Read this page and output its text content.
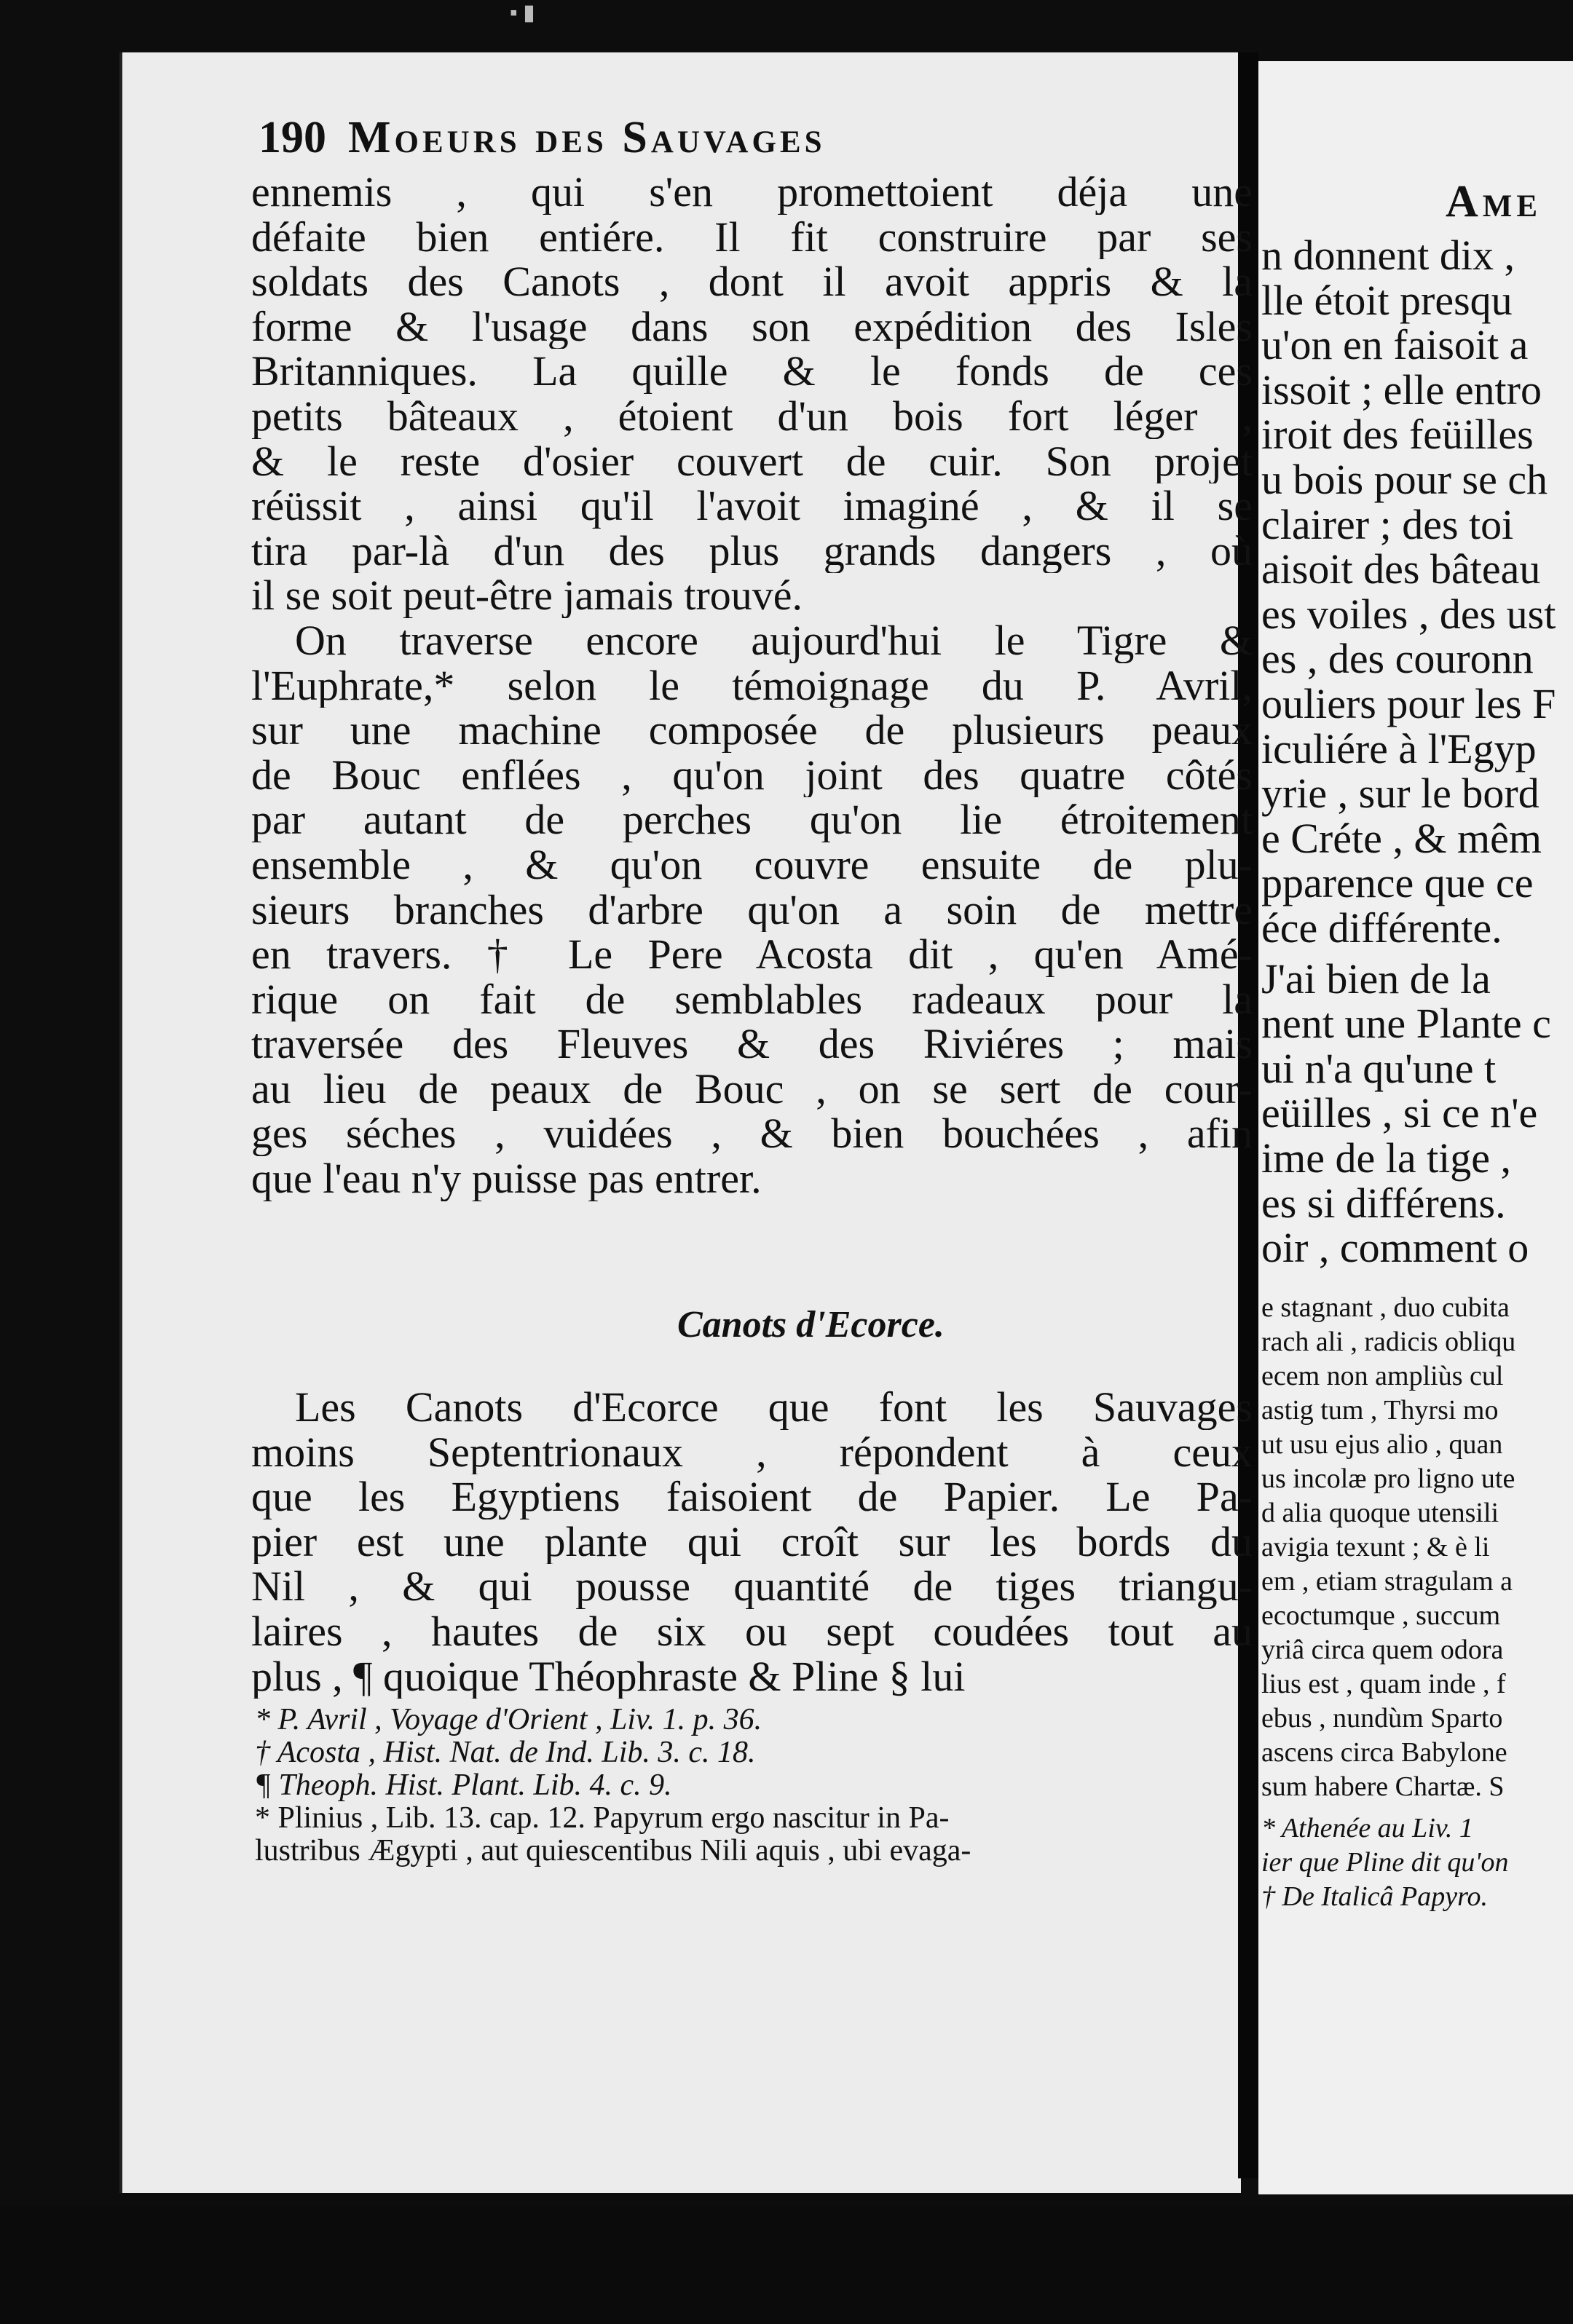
▪ ▮
Ame
n donnent dix ,
lle étoit presqu
u'on en faisoit a
issoit ; elle entro
iroit des feüilles
u bois pour se ch
clairer ; des toi
aisoit des bâteau
es voiles , des ust
es , des couronn
ouliers pour les F
iculiére à l'Egyp
yrie , sur le bord
e Créte , & mêm
pparence que ce
éce différente.
J'ai bien de la
nent une Plante c
ui n'a qu'une t
eüilles , si ce n'e
ime de la tige ,
es si différens.
oir , comment o
e stagnant , duo cubita
rach ali , radicis obliqu
ecem non ampliùs cul
astig tum , Thyrsi mo
ut usu ejus alio , quan
us incolæ pro ligno ute
d alia quoque utensili
avigia texunt ; & è li
em , etiam stragulam a
ecoctumque , succum
yriâ circa quem odora
lius est , quam inde , f
ebus , nundùm Sparto
ascens circa Babylone
sum habere Chartæ. S
* Athenée au Liv. 1
ier que Pline dit qu'on
† De Italicâ Papyro.
190 Moeurs des Sauvages
ennemis , qui s'en promettoient déja une
défaite bien entiére. Il fit construire par ses
soldats des Canots , dont il avoit appris & la
forme & l'usage dans son expédition des Isles
Britanniques. La quille & le fonds de ces
petits bâteaux , étoient d'un bois fort léger ,
& le reste d'osier couvert de cuir. Son projet
réüssit , ainsi qu'il l'avoit imaginé , & il se
tira par-là d'un des plus grands dangers , où
il se soit peut-être jamais trouvé.
On traverse encore aujourd'hui le Tigre &
l'Euphrate,* selon le témoignage du P. Avril,
sur une machine composée de plusieurs peaux
de Bouc enflées , qu'on joint des quatre côtés
par autant de perches qu'on lie étroitement
ensemble , & qu'on couvre ensuite de plu-
sieurs branches d'arbre qu'on a soin de mettre
en travers. † Le Pere Acosta dit , qu'en Amé-
rique on fait de semblables radeaux pour la
traversée des Fleuves & des Riviéres ; mais
au lieu de peaux de Bouc , on se sert de cour-
ges séches , vuidées , & bien bouchées , afin
que l'eau n'y puisse pas entrer.
Canots d'Ecorce.
Les Canots d'Ecorce que font les Sauvages
moins Septentrionaux , répondent à ceux
que les Egyptiens faisoient de Papier. Le Pa-
pier est une plante qui croît sur les bords du
Nil , & qui pousse quantité de tiges triangu-
laires , hautes de six ou sept coudées tout au
plus , ¶ quoique Théophraste & Pline § lui
* P. Avril , Voyage d'Orient , Liv. 1. p. 36.
† Acosta , Hist. Nat. de Ind. Lib. 3. c. 18.
¶ Theoph. Hist. Plant. Lib. 4. c. 9.
* Plinius , Lib. 13. cap. 12. Papyrum ergo nascitur in Pa-
lustribus Ægypti , aut quiescentibus Nili aquis , ubi evaga-
